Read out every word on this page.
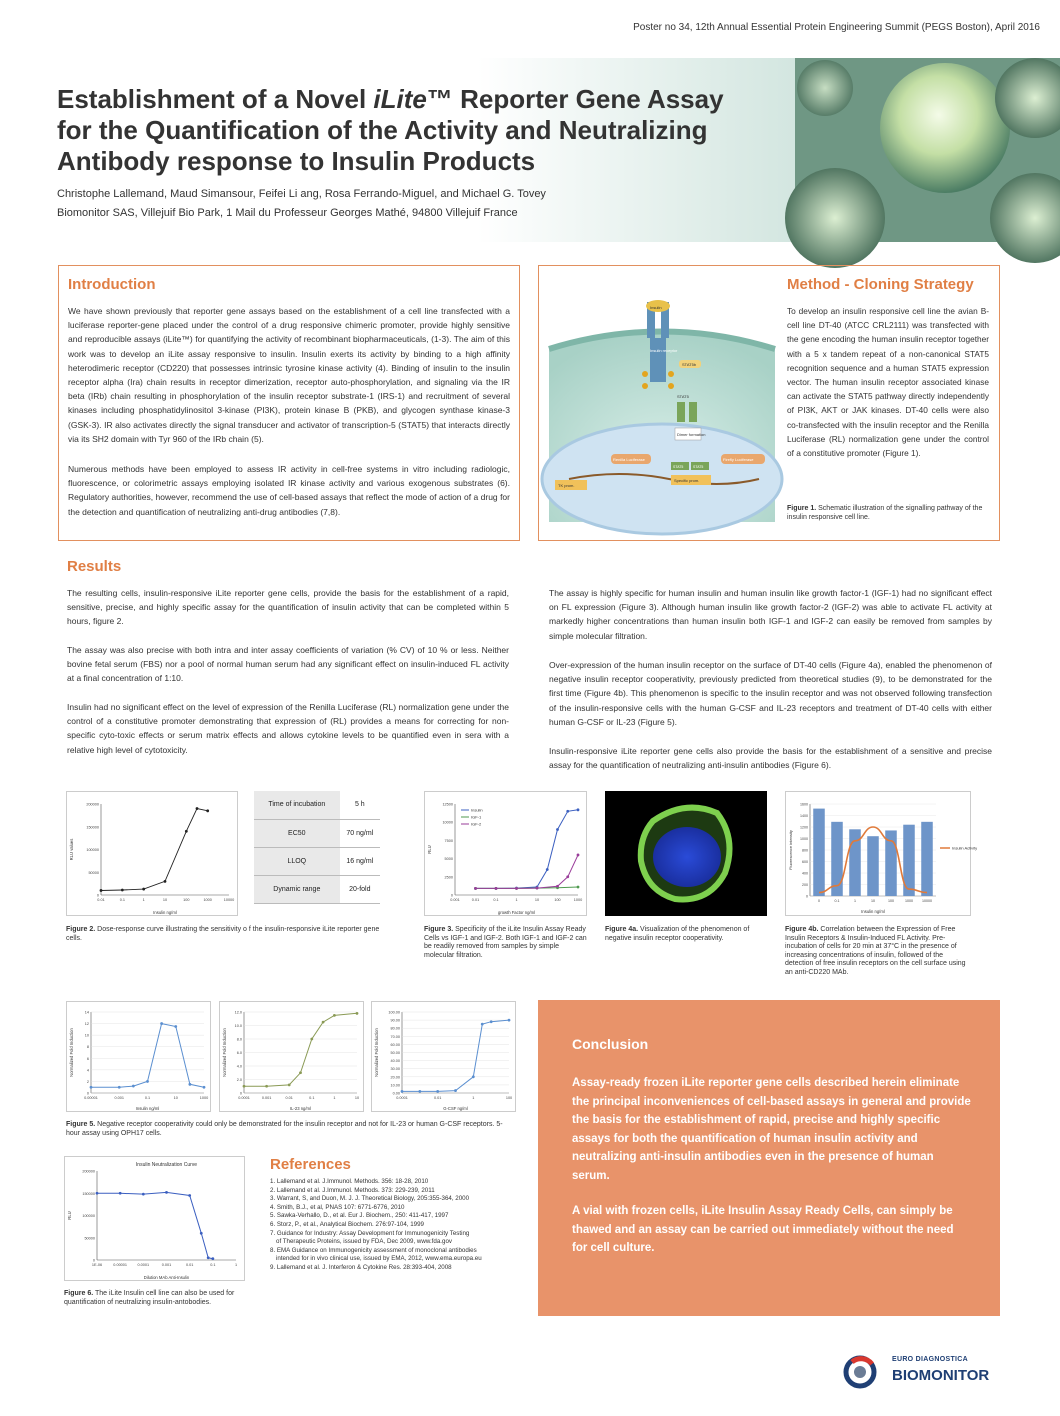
Poster no 34, 12th Annual Essential Protein Engineering Summit (PEGS Boston), April 2016
Establishment of a Novel iLite™ Reporter Gene Assay
for the Quantification of the Activity and Neutralizing
Antibody response to Insulin Products
Christophe Lallemand, Maud Simansour, Feifei Li ang, Rosa Ferrando-Miguel, and Michael G. Tovey
Biomonitor SAS, Villejuif Bio Park, 1 Mail du Professeur Georges Mathé, 94800 Villejuif France
Introduction

We have shown previously that reporter gene assays based on the establishment of a cell line transfected with a luciferase reporter-gene placed under the control of a drug responsive chimeric promoter, provide highly sensitive and reproducible assays (iLite™) for quantifying the activity of recombinant biopharmaceuticals, (1-3). The aim of this work was to develop an iLite assay responsive to insulin. Insulin exerts its activity by binding to a high affinity heterodimeric receptor (CD220) that possesses intrinsic tyrosine kinase activity (4). Binding of insulin to the insulin receptor alpha (Ira) chain results in receptor dimerization, receptor auto-phosphorylation, and signaling via the IR beta (IRb) chain resulting in phosphorylation of the insulin receptor substrate-1 (IRS-1) and recruitment of several kinases including phosphatidylinositol 3-kinase (PI3K), protein kinase B (PKB), and glycogen synthase kinase-3 (GSK-3). IR also activates directly the signal transducer and activator of transcription-5 (STAT5) that interacts directly via its SH2 domain with Tyr 960 of the IRb chain (5).

Numerous methods have been employed to assess IR activity in cell-free systems in vitro including radiologic, fluorescence, or colorimetric assays employing isolated IR kinase activity and various exogenous substrates (6). Regulatory authorities, however, recommend the use of cell-based assays that reflect the mode of action of a drug for the detection and quantification of neutralizing anti-drug antibodies (7,8).

Method - Cloning Strategy
Insulin
Insulin receptor
STAT5b
STAT5
Dimer formation
Renilla Luciferase
TK prom.
STAT5	STAT5
Specific prom.
Firefly Luciferase

To develop an insulin responsive cell line the avian B-cell line DT-40 (ATCC CRL2111) was transfected with the gene encoding the human insulin receptor together with a 5 x tandem repeat of a non-canonical STAT5 recognition sequence and a human STAT5 expression vector. The human insulin receptor associated kinase can activate the STAT5 pathway directly independently of PI3K, AKT or JAK kinases. DT-40 cells were also co-transfected with the insulin receptor and the Renilla Luciferase (RL) normalization gene under the control of a constitutive promoter (Figure 1).

Figure 1. Schematic illustration of the signalling pathway of the insulin responsive cell line.

Results

The resulting cells, insulin-responsive iLite reporter gene cells, provide the basis for the establishment of a rapid, sensitive, precise, and highly specific assay for the quantification of insulin activity that can be completed within 5 hours, figure 2.

The assay was also precise with both intra and inter assay coefficients of variation (% CV) of 10 % or less. Neither bovine fetal serum (FBS) nor a pool of normal human serum had any significant effect on insulin-induced FL activity at a final concentration of 1:10.

Insulin had no significant effect on the level of expression of the Renilla Luciferase (RL) normalization gene under the control of a constitutive promoter demonstrating that expression of (RL) provides a means for correcting for non-specific cyto-toxic effects or serum matrix effects and allows cytokine levels to be quantified even in sera with a relative high level of cytotoxicity.

The assay is highly specific for human insulin and human insulin like growth factor-1 (IGF-1) had no significant effect on FL expression (Figure 3). Although human insulin like growth factor-2 (IGF-2) was able to activate FL activity at markedly higher concentrations than human insulin both IGF-1 and IGF-2 can easily be removed from samples by simple molecular filtration.

Over-expression of the human insulin receptor on the surface of DT-40 cells (Figure 4a), enabled the phenomenon of negative insulin receptor cooperativity, previously predicted from theoretical studies (9), to be demonstrated for the first time (Figure 4b). This phenomenon is specific to the insulin receptor and was not observed following transfection of the insulin-responsive cells with the human G-CSF and IL-23 receptors and treatment of DT-40 cells with either human G-CSF or IL-23 (Figure 5).

Insulin-responsive iLite reporter gene cells also provide the basis for the establishment of a sensitive and precise assay for the quantification of neutralizing anti-insulin antibodies (Figure 6).

0
50000
100000
150000
200000
0.01	0.1	1	10	100	1000	10000
Insulin ng/ml
RLU values
Time of incubation	5 h
EC50	70 ng/ml
LLOQ	16 ng/ml
Dynamic range	20-fold

Figure 2. Dose-response curve illustrating the sensitivity o f the insulin-responsive iLite reporter gene cells.

0
2500
5000
7500
10000
12500
0.001	0.01	0.1	1	10	100	1000
growth Factor ng/ml
RLU
Insulin
IGF-1
IGF-2

Figure 3. Specificity of the iLite Insulin Assay Ready Cells vs IGF-1 and IGF-2. Both IGF-1 and IGF-2 can be readily removed from samples by simple molecular filtration.

Figure 4a. Visualization of the phenomenon of negative insulin receptor cooperativity.

0
200
400
600
800
1000
1200
1400
1600
0	0.1	1	10	100	1000	10000
Insulin ng/ml
Fluorescence intensity	Insulin Activity

Figure 4b. Correlation between the Expression of Free Insulin Receptors & Insulin-Induced FL Activity. Pre-incubation of cells for 20 min at 37°C in the presence of increasing concentrations of insulin, followed of the detection of free insulin receptors on the cell surface using an anti-CD220 MAb.

0
2
4
6
8
10
12
14
0.00001	0.001	0.1	10	1000
Insulin ng/ml
Normalized Fold Induction
0
2.0
4.0
6.0
8.0
10.0
12.0
0.0001	0.001	0.01	0.1	1	10
IL-23 ng/ml
Normalized Fold Induction
0.00
10.00
20.00
30.00
40.00
50.00
60.00
70.00
80.00
90.00
100.00
0.0001	0.01	1	100
G-CSF ng/ml
Normalized Fold Induction

Figure 5. Negative receptor cooperativity could only be demonstrated for the insulin receptor and not for IL-23 or human G-CSF receptors. 5-hour assay using OPH17 cells.

Insulin Neutralization Curve
0
50000
100000
150000
200000
1E-06	0.00001	0.0001	0.001	0.01	0.1	1
Dilution MAb Anti-Insulin
RLU

Figure 6. The iLite Insulin cell line can also be used for quantification of neutralizing insulin-antobodies.

References
1. Lallemand et al. J.Immunol. Methods. 356: 18-28, 2010
2. Lallemand et al. J.Immunol. Methods. 373: 229-239, 2011
3. Warrant, S, and Duon, M. J. J. Theoretical Biology, 205:355-364, 2000
4. Smith, B.J., et al, PNAS 107: 6771-6776, 2010
5. Sawka-Verhallo, D., et al. Eur J. Biochem., 250: 411-417, 1997
6. Storz, P., et al., Analytical Biochem. 276:97-104, 1999
7. Guidance for Industry: Assay Development for Immunogenicity Testing
of Therapeutic Proteins, issued by FDA, Dec 2009, www.fda.gov
8. EMA Guidance on Immunogenicity assessment of monoclonal antibodies
intended for in vivo clinical use, issued by EMA, 2012, www.ema.europa.eu
9. Lallemand et al. J. Interferon & Cytokine Res. 28:393-404, 2008
Conclusion

Assay-ready frozen iLite reporter gene cells described herein eliminate the principal inconveniences of cell-based assays in general and provide the basis for the establishment of rapid, precise and highly specific assays for both the quantification of human insulin activity and neutralizing anti-insulin antibodies even in the presence of human serum.

A vial with frozen cells, iLite Insulin Assay Ready Cells, can simply be thawed and an assay can be carried out immediately without the need for cell culture.

EURO DIAGNOSTICA
BIOMONITOR
